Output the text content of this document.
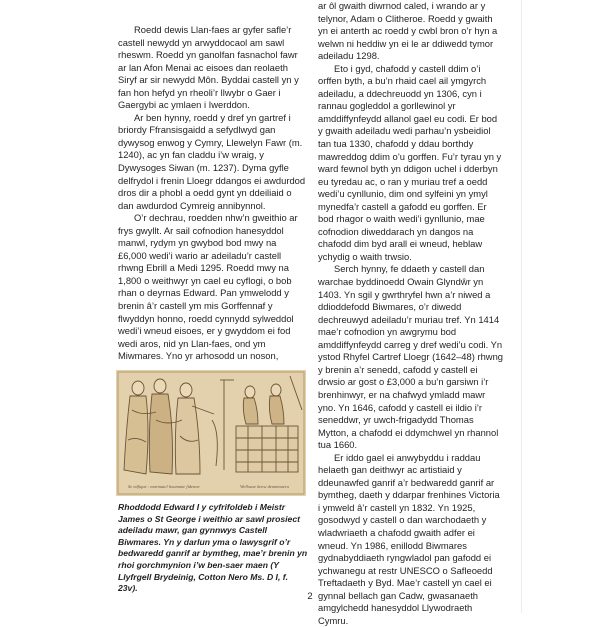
Roedd dewis Llan-faes ar gyfer safle’r castell newydd yn arwyddocaol am sawl rheswm. Roedd yn ganolfan fasnachol fawr ar lan Afon Menai ac eisoes dan reolaeth Siryf ar sir newydd Môn. Byddai castell yn y fan hon hefyd yn rheoli’r llwybr o Gaer i Gaergybi ac ymlaen i Iwerddon.

Ar ben hynny, roedd y dref yn gartref i briordy Ffransisgaidd a sefydlwyd gan dywysog enwog y Cymry, Llewelyn Fawr (m. 1240), ac yn fan claddu i’w wraig, y Dywysoges Siwan (m. 1237). Dyma gyfle delfrydol i frenin Lloegr ddangos ei awdurdod dros dir a phobl a oedd gynt yn ddeiliaid o dan awdurdod Cymreig annibynnol.

O’r dechrau, roedden nhw’n gweithio ar frys gwyllt. Ar sail cofnodion hanesyddol manwl, rydym yn gwybod bod mwy na £6,000 wedi’i wario ar adeiladu’r castell rhwng Ebrill a Medi 1295. Roedd mwy na 1,800 o weithwyr yn cael eu cyflogi, o bob rhan o deyrnas Edward. Pan ymwelodd y brenin â’r castell ym mis Gorffennaf y flwyddyn honno, roedd cynnydd sylweddol wedi’i wneud eisoes, er y gwyddom ei fod wedi aros, nid yn Llan-faes, ond ym Miwmares. Yno yr arhosodd un noson,

Se edfique : marmutcl houmane fidenne	Wellouse kenw denmmuera
Rhoddodd Edward I y cyfrifoldeb i Meistr James o St George i weithio ar sawl prosiect adeiladu mawr, gan gynnwys Castell Biwmares. Yn y darlun yma o lawysgrif o’r bedwaredd ganrif ar bymtheg, mae’r brenin yn rhoi gorchmynion i’w ben-saer maen (Y Llyfrgell Brydeinig, Cotton Nero Ms. D I, f. 23v).

ar ôl gwaith diwrnod caled, i wrando ar y telynor, Adam o Clitheroe. Roedd y gwaith yn ei anterth ac roedd y cwbl bron o’r hyn a welwn ni heddiw yn ei le ar ddiwedd tymor adeiladu 1298.

Eto i gyd, chafodd y castell ddim o’i orffen byth, a bu’n rhaid cael ail ymgyrch adeiladu, a ddechreuodd yn 1306, cyn i rannau gogleddol a gorllewinol yr amddiffynfeydd allanol gael eu codi. Er bod y gwaith adeiladu wedi parhau’n ysbeidiol tan tua 1330, chafodd y ddau borthdy mawreddog ddim o’u gorffen. Fu’r tyrau yn y ward fewnol byth yn ddigon uchel i dderbyn eu tyredau ac, o ran y muriau tref a oedd wedi’u cynllunio, dim ond sylfeini yn ymyl mynedfa’r castell a gafodd eu gorffen. Er bod rhagor o waith wedi’i gynllunio, mae cofnodion diweddarach yn dangos na chafodd dim byd arall ei wneud, heblaw ychydig o waith trwsio.

Serch hynny, fe ddaeth y castell dan warchae byddinoedd Owain Glyndŵr yn 1403. Yn sgil y gwrthryfel hwn a’r niwed a ddioddefodd Biwmares, o’r diwedd dechreuwyd adeiladu’r muriau tref. Yn 1414 mae’r cofnodion yn awgrymu bod amddiffynfeydd carreg y dref wedi’u codi. Yn ystod Rhyfel Cartref Lloegr (1642–48) rhwng y brenin a’r senedd, cafodd y castell ei drwsio ar gost o £3,000 a bu’n garsiwn i’r brenhinwyr, er na chafwyd ymladd mawr yno. Yn 1646, cafodd y castell ei ildio i’r seneddwr, yr uwch-frigadydd Thomas Mytton, a chafodd ei ddymchwel yn rhannol tua 1660.

Er iddo gael ei anwybyddu i raddau helaeth gan deithwyr ac artistiaid y ddeunawfed ganrif a’r bedwaredd ganrif ar bymtheg, daeth y ddarpar frenhines Victoria i ymweld â’r castell yn 1832. Yn 1925, gosodwyd y castell o dan warchodaeth y wladwriaeth a chafodd gwaith adfer ei wneud. Yn 1986, enillodd Biwmares gydnabyddiaeth ryngwladol pan gafodd ei ychwanegu at restr UNESCO o Safleoedd Treftadaeth y Byd. Mae’r castell yn cael ei gynnal bellach gan Cadw, gwasanaeth amgylchedd hanesyddol Llywodraeth Cymru.

2
